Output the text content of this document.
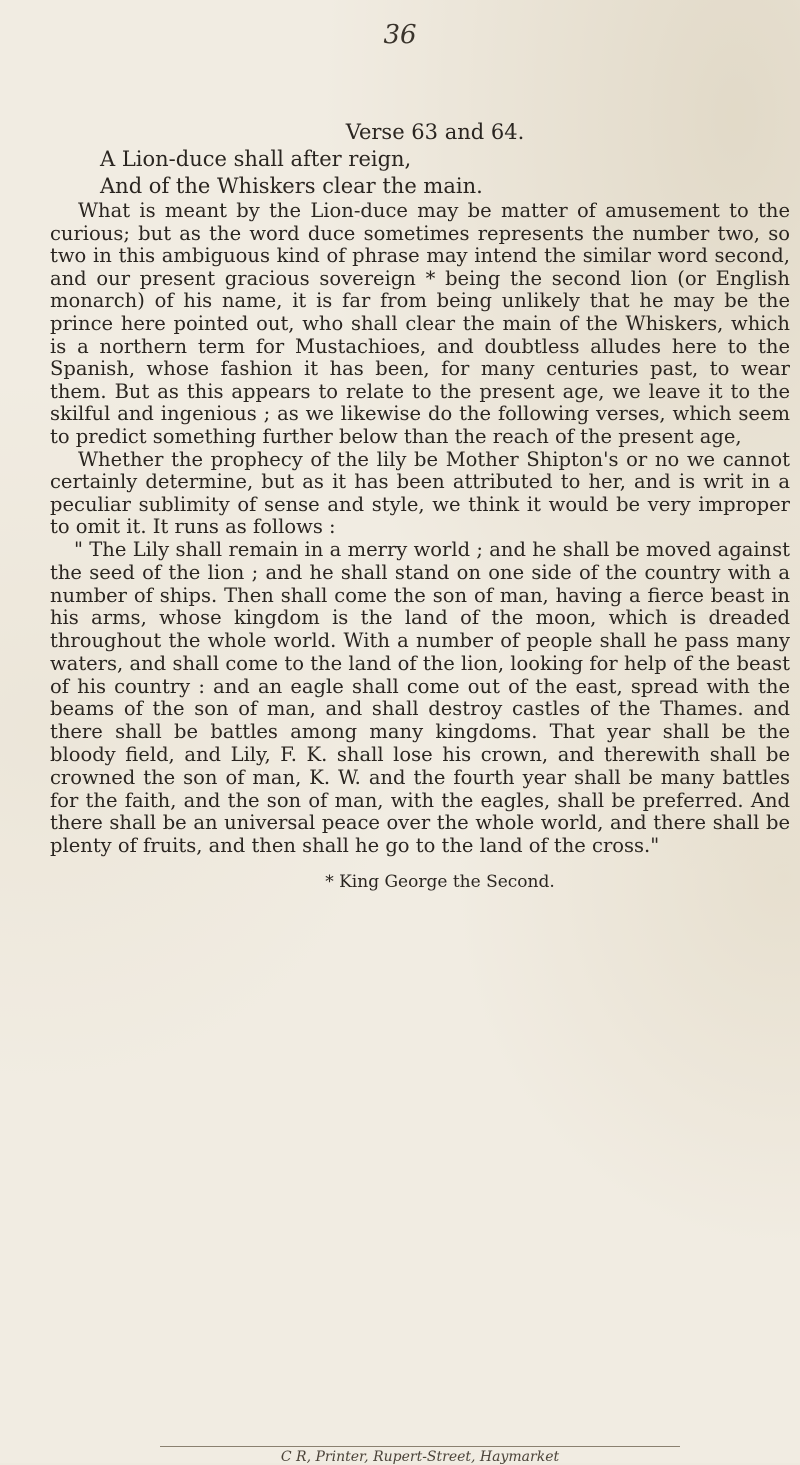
36

Verse 63 and 64.

A Lion-duce shall after reign,

And of the Whiskers clear the main.

What is meant by the Lion-duce may be matter of amusement to the curious; but as the word duce sometimes represents the number two, so two in this ambiguous kind of phrase may intend the similar word second, and our present gracious sovereign * being the second lion (or English monarch) of his name, it is far from being unlikely that he may be the prince here pointed out, who shall clear the main of the Whiskers, which is a northern term for Mustachioes, and doubtless alludes here to the Spanish, whose fashion it has been, for many centuries past, to wear them. But as this appears to relate to the present age, we leave it to the skilful and ingenious ; as we likewise do the following verses, which seem to predict something further below than the reach of the present age,

Whether the prophecy of the lily be Mother Shipton's or no we cannot certainly determine, but as it has been attributed to her, and is writ in a peculiar sublimity of sense and style, we think it would be very improper to omit it. It runs as follows :

" The Lily shall remain in a merry world ; and he shall be moved against the seed of the lion ; and he shall stand on one side of the country with a number of ships. Then shall come the son of man, having a fierce beast in his arms, whose kingdom is the land of the moon, which is dreaded throughout the whole world. With a number of people shall he pass many waters, and shall come to the land of the lion, looking for help of the beast of his country : and an eagle shall come out of the east, spread with the beams of the son of man, and shall destroy castles of the Thames. and there shall be battles among many kingdoms. That year shall be the bloody field, and Lily, F. K. shall lose his crown, and therewith shall be crowned the son of man, K. W. and the fourth year shall be many battles for the faith, and the son of man, with the eagles, shall be preferred. And there shall be an universal peace over the whole world, and there shall be plenty of fruits, and then shall he go to the land of the cross."

* King George the Second.
C R, Printer, Rupert-Street, Haymarket
